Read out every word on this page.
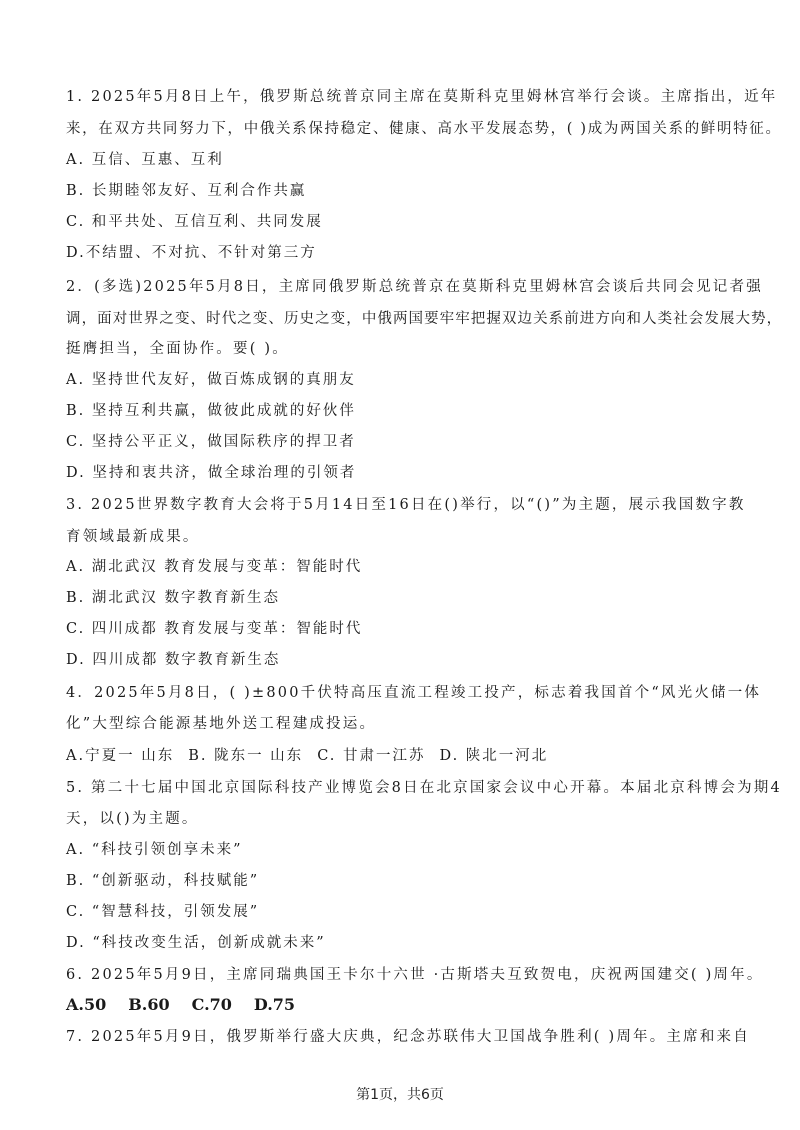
1. 2025年5月8日上午，俄罗斯总统普京同主席在莫斯科克里姆林宫举行会谈。主席指出，近年
来，在双方共同努力下，中俄关系保持稳定、健康、高水平发展态势，( )成为两国关系的鲜明特征。
A. 互信、互惠、互利
B. 长期睦邻友好、互利合作共赢
C. 和平共处、互信互利、共同发展
D.不结盟、不对抗、不针对第三方
2．(多选)2025年5月8日，主席同俄罗斯总统普京在莫斯科克里姆林宫会谈后共同会见记者强
调，面对世界之变、时代之变、历史之变，中俄两国要牢牢把握双边关系前进方向和人类社会发展大势，
挺膺担当，全面协作。要( )。
A. 坚持世代友好，做百炼成钢的真朋友
B. 坚持互利共赢，做彼此成就的好伙伴
C. 坚持公平正义，做国际秩序的捍卫者
D. 坚持和衷共济，做全球治理的引领者
3. 2025世界数字教育大会将于5月14日至16日在()举行，以“()”为主题，展示我国数字教
育领域最新成果。
A. 湖北武汉 教育发展与变革：智能时代
B. 湖北武汉 数字教育新生态
C. 四川成都 教育发展与变革：智能时代
D. 四川成都 数字教育新生态
4．2025年5月8日，( )±800千伏特高压直流工程竣工投产，标志着我国首个“风光火储一体
化”大型综合能源基地外送工程建成投运。
A.宁夏一 山东 B. 陇东一 山东 C. 甘肃一江苏 D. 陕北一河北
5. 第二十七届中国北京国际科技产业博览会8日在北京国家会议中心开幕。本届北京科博会为期4
天，以()为主题。
A. “科技引领创享未来”
B. “创新驱动，科技赋能”
C. “智慧科技，引领发展”
D. “科技改变生活，创新成就未来”
6. 2025年5月9日，主席同瑞典国王卡尔十六世 ·古斯塔夫互致贺电，庆祝两国建交( )周年。
A.50 B.60 C.70 D.75
7. 2025年5月9日，俄罗斯举行盛大庆典，纪念苏联伟大卫国战争胜利( )周年。主席和来自
第1页，共6页
